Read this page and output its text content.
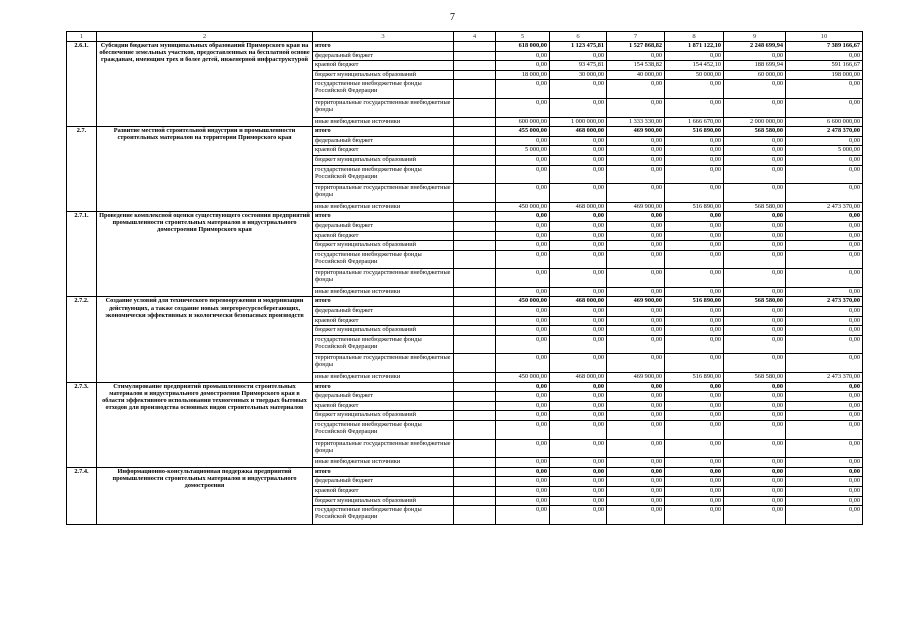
7
1	2	3	4	5	6	7	8	9	10
2.6.1.	Субсидии бюджетам муниципальных образований Приморского края на обеспечение земельных участков, предоставленных на бесплатной основе гражданам, имеющим трех и более детей, инженерной инфраструктурой	итого		618 000,00	1 123 475,81	1 527 868,82	1 871 122,10	2 248 699,94	7 389 166,67
		федеральный бюджет		0,00	0,00	0,00	0,00	0,00	0,00
		краевой бюджет		0,00	93 475,81	154 538,82	154 452,10	188 699,94	591 166,67
		бюджет муниципальных образований		18 000,00	30 000,00	40 000,00	50 000,00	60 000,00	198 000,00
		государственные внебюджетные фонды Российской Федерации		0,00	0,00	0,00	0,00	0,00	0,00
		территориальные государственные внебюджетные фонды		0,00	0,00	0,00	0,00	0,00	0,00
		иные внебюджетные источники		600 000,00	1 000 000,00	1 333 330,00	1 666 670,00	2 000 000,00	6 600 000,00
2.7.	Развитие местной строительной индустрии и промышленности строительных материалов на территории Приморского края	итого		455 000,00	468 000,00	469 900,00	516 890,00	568 580,00	2 478 370,00
		федеральный бюджет		0,00	0,00	0,00	0,00	0,00	0,00
		краевой бюджет		5 000,00	0,00	0,00	0,00	0,00	5 000,00
		бюджет муниципальных образований		0,00	0,00	0,00	0,00	0,00	0,00
		государственные внебюджетные фонды Российской Федерации		0,00	0,00	0,00	0,00	0,00	0,00
		территориальные государственные внебюджетные фонды		0,00	0,00	0,00	0,00	0,00	0,00
		иные внебюджетные источники		450 000,00	468 000,00	469 900,00	516 890,00	568 580,00	2 473 370,00
2.7.1.	Проведение комплексной оценки существующего состояния предприятий промышленности строительных материалов и индустриального домостроения Приморского края	итого		0,00	0,00	0,00	0,00	0,00	0,00
		федеральный бюджет		0,00	0,00	0,00	0,00	0,00	0,00
		краевой бюджет		0,00	0,00	0,00	0,00	0,00	0,00
		бюджет муниципальных образований		0,00	0,00	0,00	0,00	0,00	0,00
		государственные внебюджетные фонды Российской Федерации		0,00	0,00	0,00	0,00	0,00	0,00
		территориальные государственные внебюджетные фонды		0,00	0,00	0,00	0,00	0,00	0,00
		иные внебюджетные источники		0,00	0,00	0,00	0,00	0,00	0,00
2.7.2.	Создание условий для технического перевооружения и модернизации действующих, а также создание новых энергоресурсосберегающих, экономически эффективных и экологически безопасных производств	итого		450 000,00	468 000,00	469 900,00	516 890,00	568 580,00	2 473 370,00
		федеральный бюджет		0,00	0,00	0,00	0,00	0,00	0,00
		краевой бюджет		0,00	0,00	0,00	0,00	0,00	0,00
		бюджет муниципальных образований		0,00	0,00	0,00	0,00	0,00	0,00
		государственные внебюджетные фонды Российской Федерации		0,00	0,00	0,00	0,00	0,00	0,00
		территориальные государственные внебюджетные фонды		0,00	0,00	0,00	0,00	0,00	0,00
		иные внебюджетные источники		450 000,00	468 000,00	469 900,00	516 890,00	568 580,00	2 473 370,00
2.7.3.	Стимулирование предприятий промышленности строительных материалов и индустриального домостроения Приморского края в области эффективного использования техногенных и твердых бытовых отходов для производства основных видов строительных материалов	итого		0,00	0,00	0,00	0,00	0,00	0,00
		федеральный бюджет		0,00	0,00	0,00	0,00	0,00	0,00
		краевой бюджет		0,00	0,00	0,00	0,00	0,00	0,00
		бюджет муниципальных образований		0,00	0,00	0,00	0,00	0,00	0,00
		государственные внебюджетные фонды Российской Федерации		0,00	0,00	0,00	0,00	0,00	0,00
		территориальные государственные внебюджетные фонды		0,00	0,00	0,00	0,00	0,00	0,00
		иные внебюджетные источники		0,00	0,00	0,00	0,00	0,00	0,00
2.7.4.	Информационно-консультационная поддержка предприятий промышленности строительных материалов и индустриального домостроения	итого		0,00	0,00	0,00	0,00	0,00	0,00
		федеральный бюджет		0,00	0,00	0,00	0,00	0,00	0,00
		краевой бюджет		0,00	0,00	0,00	0,00	0,00	0,00
		бюджет муниципальных образований		0,00	0,00	0,00	0,00	0,00	0,00
		государственные внебюджетные фонды Российской Федерации		0,00	0,00	0,00	0,00	0,00	0,00
